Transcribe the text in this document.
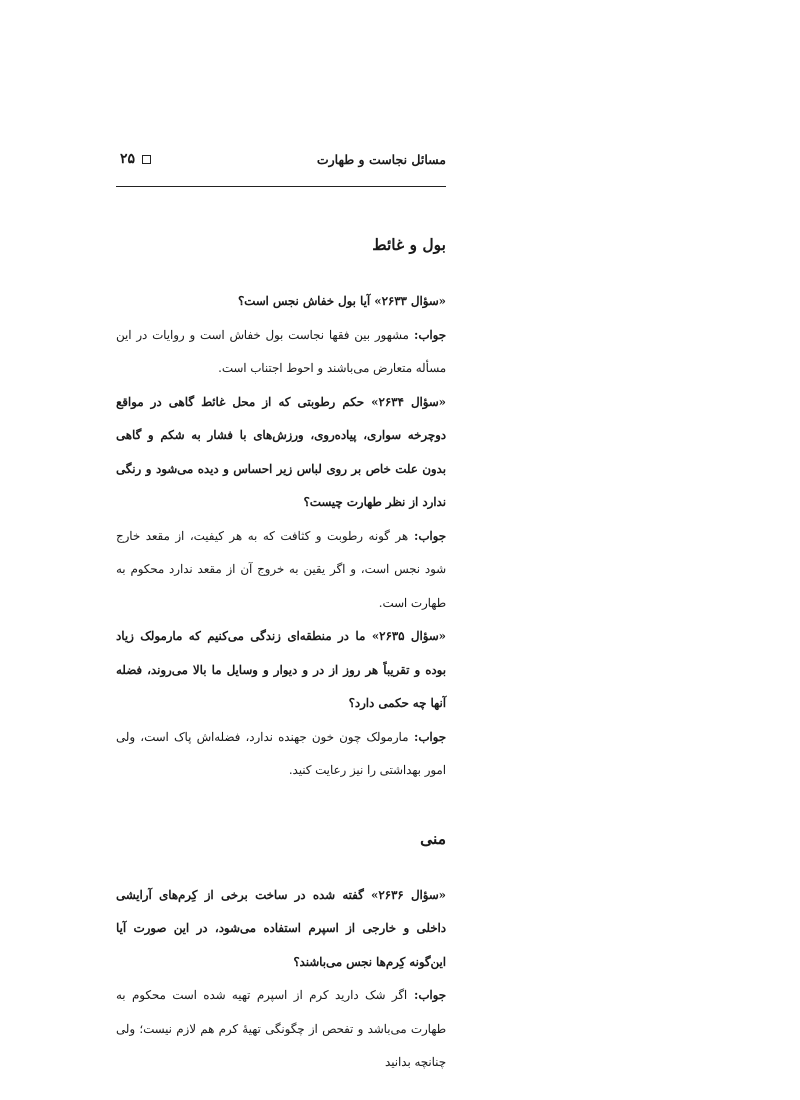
مسائل نجاست و طهارت
۲۵
بول و غائط

«سؤال ۲۶۳۳» آیا بول خفاش نجس است؟

جواب: مشهور بین فقها نجاست بول خفاش است و روایات در این مسأله متعارض می‌باشند و احوط اجتناب است.

«سؤال ۲۶۳۴» حکم رطوبتی که از محل غائط گاهی در مواقع دوچرخه سواری، پیاده‌روی، ورزش‌های با فشار به شکم و گاهی بدون علت خاص بر روی لباس زیر احساس و دیده می‌شود و رنگی ندارد از نظر طهارت چیست؟

جواب: هر گونه رطوبت و کثافت که به هر کیفیت، از مقعد خارج شود نجس است، و اگر یقین به خروج آن از مقعد ندارد محکوم به طهارت است.

«سؤال ۲۶۳۵» ما در منطقه‌ای زندگی می‌کنیم که مارمولک زیاد بوده و تقریباً هر روز از در و دیوار و وسایل ما بالا می‌روند، فضله آنها چه حکمی دارد؟

جواب: مارمولک چون خون جهنده ندارد، فضله‌اش پاک است، ولی امور بهداشتی را نیز رعایت کنید.

منی

«سؤال ۲۶۳۶» گفته شده در ساخت برخی از کِرم‌های آرایشی داخلی و خارجی از اسپرم استفاده می‌شود، در این صورت آیا این‌گونه کِرم‌ها نجس می‌باشند؟

جواب: اگر شک دارید کرم از اسپرم تهیه شده است محکوم به طهارت می‌باشد و تفحص از چگونگی تهیهٔ کرم هم لازم نیست؛ ولی چنانچه بدانید
